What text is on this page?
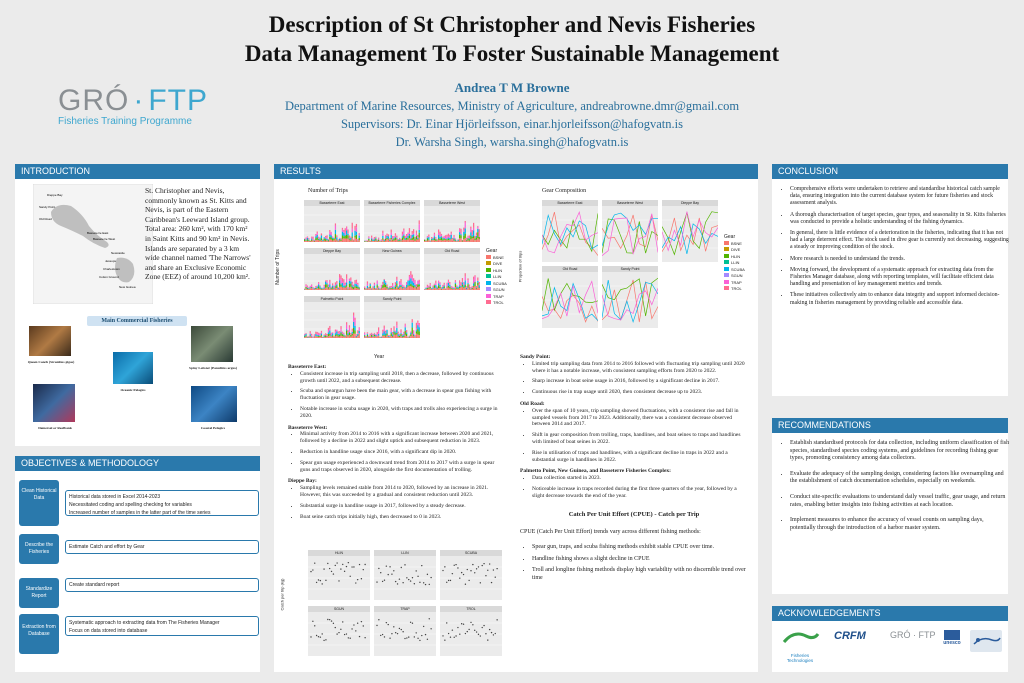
Description of St Christopher and Nevis Fisheries
Data Management To Foster Sustainable Management
GRÓ · FTP
Fisheries Training Programme
Andrea T M Browne
Department of Marine Resources, Ministry of Agriculture, andreabrowne.dmr@gmail.com
Supervisors: Dr. Einar Hjörleifsson, einar.hjorleifsson@hafogvatn.is
Dr. Warsha Singh, warsha.singh@hafogvatn.is
INTRODUCTION
Basseterre East
Basseterre West
Sandy Point
Dieppe Bay
Old Road
Charlestown
Newcastle
Cotton Ground
Jessups
New Guinea
St. Christopher and Nevis, commonly known as St. Kitts and Nevis, is part of the Eastern Caribbean's Leeward Island group. Total area: 260 km², with 170 km² in Saint Kitts and 90 km² in Nevis. Islands are separated by a 3 km wide channel named 'The Narrows' and share an Exclusive Economic Zone (EEZ) of around 10,200 km².
Main Commercial Fisheries
Queen Conch (Strombus gigas)
Oceanic Pelagics
Spiny Lobster (Panulirus argus)
Demersal or Reefbank	Coastal Pelagics
OBJECTIVES & METHODOLOGY
Clean Historical Data	Historical data stored in Excel 2014-2023
Necessitated coding and spelling checking for variables
Increased number of samples in the latter part of the time series
Describe the Fisheries
Estimate Catch and effort by Gear
Standardize Report
Create standard report
Extraction from Database
Systematic approach to extracting data from The Fisheries Manager
Focus on data stored into database
RESULTS
Number of Trips
Number of Trips
Year
Basseterre East	Basseterre Fisheries Complex	Basseterre West
Dieppe Bay	New Guinea	Old Road
Palmetto Point	Sandy Point
Gear
BSNE
DIVE
HLIN
LLIN
SCUBA
SGUN
TRAP
TROL
Gear Composition
Proportion of trips
Basseterre East	Basseterre West	Dieppe Bay
Old Road	Sandy Point
Gear
BSNE
DIVE
HLIN
LLIN
SCUBA
SGUN
TRAP
TROL
Basseterre East:
• Consistent increase in trip sampling until 2018, then a decrease, followed by continuous growth until 2022, and a subsequent decrease.
• Scuba and speargun have been the main gear, with a decrease in spear gun fishing with fluctuation in gear usage.
• Notable increase in scuba usage in 2020, with traps and trolls also experiencing a surge in 2020.
Basseterre West:
• Minimal activity from 2014 to 2016 with a significant increase between 2020 and 2021, followed by a decline in 2022 and slight uptick and subsequent reduction in 2023.
• Reduction in handline usage since 2016, with a significant dip in 2020.
• Spear gun usage experienced a downward trend from 2014 to 2017 with a surge in spear guns and traps observed in 2020, alongside the first documentation of trolling.
Dieppe Bay:
• Sampling levels remained stable from 2014 to 2020, followed by an increase in 2021. However, this was succeeded by a gradual and consistent reduction until 2023.
• Substantial surge in handline usage in 2017, followed by a steady decrease.
• Boat seine catch trips initially high, then decreased to 0 in 2023.
Catch per trip (kg)
HLIN	LLIN	SCUBA
SGUN	TRAP	TROL
Sandy Point:
• Limited trip sampling data from 2014 to 2016 followed with fluctuating trip sampling until 2020 where it has a notable increase, with consistent sampling efforts from 2020 to 2022.
• Sharp increase in boat seine usage in 2016, followed by a significant decline in 2017.
• Continuous rise in trap usage until 2020, then consistent decrease up to 2023.
Old Road:
• Over the span of 10 years, trip sampling showed fluctuations, with a consistent rise and fall in sampled vessels from 2017 to 2023. Additionally, there was a consistent decrease observed between 2014 and 2017.
• Shift in gear composition from trolling, traps, handlines, and boat seines to traps and handlines with limited of boat seines in 2022.
• Rise in utilisation of traps and handlines, with a significant decline in traps in 2022 and a substantial surge in handlines in 2022.
Palmetto Point, New Guinea, and Basseterre Fisheries Complex:
• Data collection started in 2023.
• Noticeable increase in traps recorded during the first three quarters of the year, followed by a slight decrease towards the end of the year.
Catch Per Unit Effort (CPUE) - Catch per Trip
CPUE (Catch Per Unit Effort) trends vary across different fishing methods:
• Spear gun, traps, and scuba fishing methods exhibit stable CPUE over time.
• Handline fishing shows a slight decline in CPUE
• Troll and longline fishing methods display high variability with no discernible trend over time
CONCLUSION
• Comprehensive efforts were undertaken to retrieve and standardise historical catch sample data, ensuring integration into the current database system for future fisheries and stock assessment analysis.
• A thorough characterisation of target species, gear types, and seasonality in St. Kitts fisheries was conducted to provide a holistic understanding of the fishing dynamics.
• In general, there is little evidence of a deterioration in the fisheries, indicating that it has not had a large deterrent effect. The stock used in dive gear is currently not decreasing, suggesting a steady or improving condition of the stock.
• More research is needed to understand the trends.
• Moving forward, the development of a systematic approach for extracting data from the Fisheries Manager database, along with reporting templates, will facilitate efficient data handling and presentation of key management metrics and trends.
• These initiatives collectively aim to enhance data integrity and support informed decision-making in fisheries management by providing reliable and accessible data.
RECOMMENDATIONS
• Establish standardised protocols for data collection, including uniform classification of fish species, standardised species coding systems, and guidelines for recording fishing gear types, promoting consistency among data collectors.
• Evaluate the adequacy of the sampling design, considering factors like oversampling and the establishment of catch documentation schedules, especially on weekends.
• Conduct site-specific evaluations to understand daily vessel traffic, gear usage, and return rates, enabling better insights into fishing activities at each location.
• Implement measures to enhance the accuracy of vessel counts on sampling days, potentially through the introduction of a harbor master system.
ACKNOWLEDGEMENTS
Fisheries Technologies
CRFM	GRÓ · FTP
unesco
